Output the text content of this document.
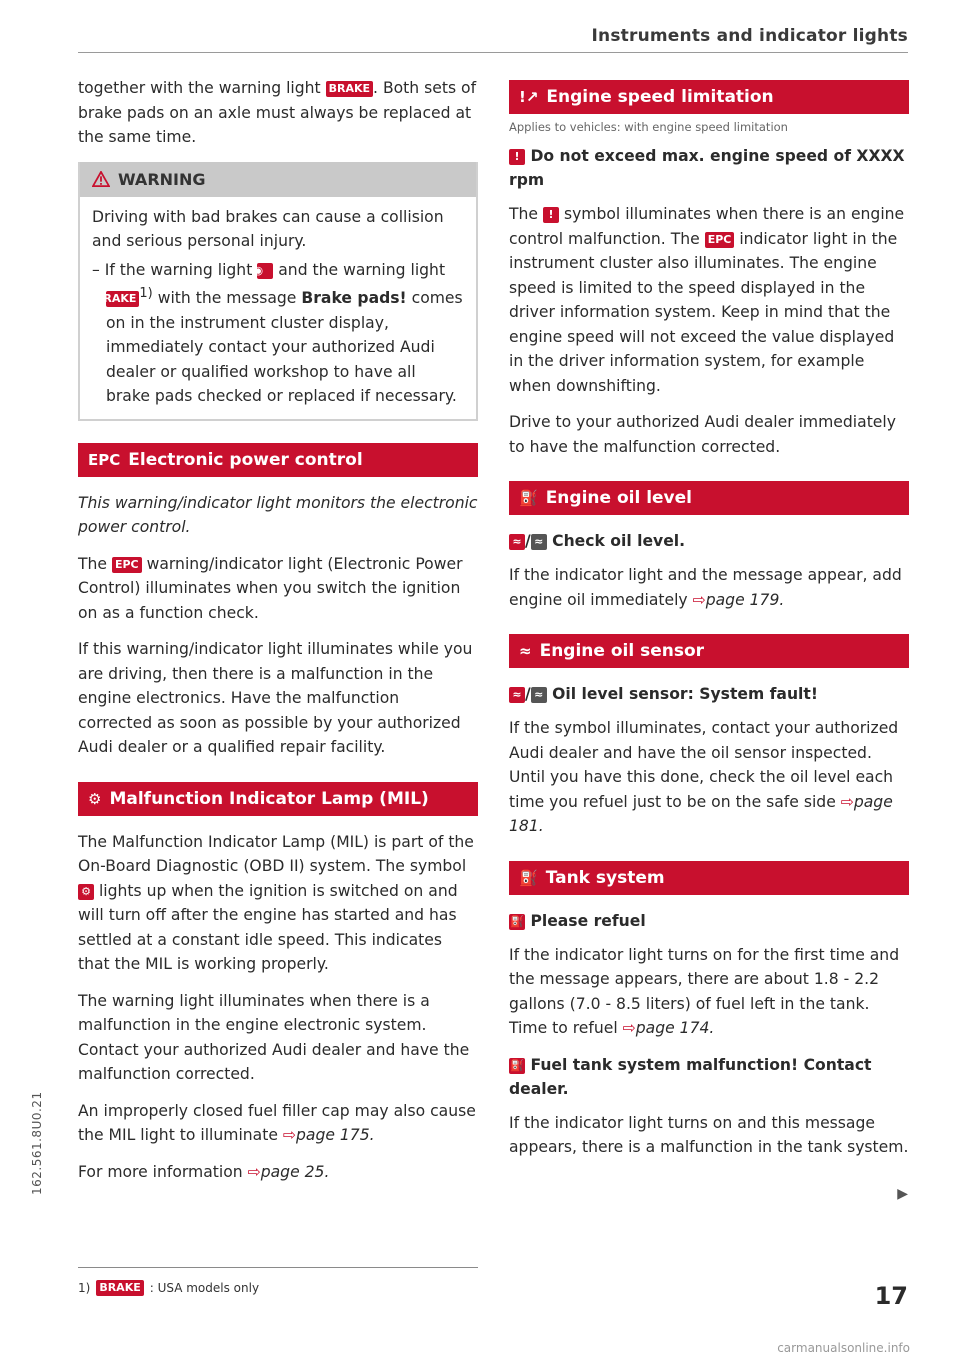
Instruments and indicator lights

together with the warning light BRAKE . Both sets of brake pads on an axle must always be replaced at the same time.

WARNING

Driving with bad brakes can cause a collision and serious personal injury.

– If the warning light ◉ and the warning light BRAKE $^{1)}$ with the message Brake pads! comes on in the instrument cluster display, immediately contact your authorized Audi dealer or qualified workshop to have all brake pads checked or replaced if necessary.

EPC Electronic power control

This warning/indicator light monitors the electronic power control.

The EPC warning/indicator light (Electronic Power Control) illuminates when you switch the ignition on as a function check.

If this warning/indicator light illuminates while you are driving, then there is a malfunction in the engine electronics. Have the malfunction corrected as soon as possible by your authorized Audi dealer or a qualified repair facility.

⚙ Malfunction Indicator Lamp (MIL)

The Malfunction Indicator Lamp (MIL) is part of the On-Board Diagnostic (OBD II) system. The symbol ⚙ lights up when the ignition is switched on and will turn off after the engine has started and has settled at a constant idle speed. This indicates that the MIL is working properly.

The warning light illuminates when there is a malfunction in the engine electronic system. Contact your authorized Audi dealer and have the malfunction corrected.

An improperly closed fuel filler cap may also cause the MIL light to illuminate ⇨page 175.

For more information ⇨page 25.

!↗ Engine speed limitation
Applies to vehicles: with engine speed limitation
! Do not exceed max. engine speed of XXXX rpm

The ! symbol illuminates when there is an engine control malfunction. The EPC indicator light in the instrument cluster also illuminates. The engine speed is limited to the speed displayed in the driver information system. Keep in mind that the engine speed will not exceed the value displayed in the driver information system, for example when downshifting.

Drive to your authorized Audi dealer immediately to have the malfunction corrected.

⛽ Engine oil level
≈ / ≈ Check oil level.

If the indicator light and the message appear, add engine oil immediately ⇨page 179.

≈ Engine oil sensor
≈ / ≈ Oil level sensor: System fault!

If the symbol illuminates, contact your authorized Audi dealer and have the oil sensor inspected. Until you have this done, check the oil level each time you refuel just to be on the safe side ⇨page 181.

⛽ Tank system
⛽ Please refuel

If the indicator light turns on for the first time and the message appears, there are about 1.8 - 2.2 gallons (7.0 - 8.5 liters) of fuel left in the tank. Time to refuel ⇨page 174.

⛽ Fuel tank system malfunction! Contact dealer.

If the indicator light turns on and this message appears, there is a malfunction in the tank system.

▶
1) BRAKE : USA models only
162.561.8U0.21
17
carmanualsonline.info
